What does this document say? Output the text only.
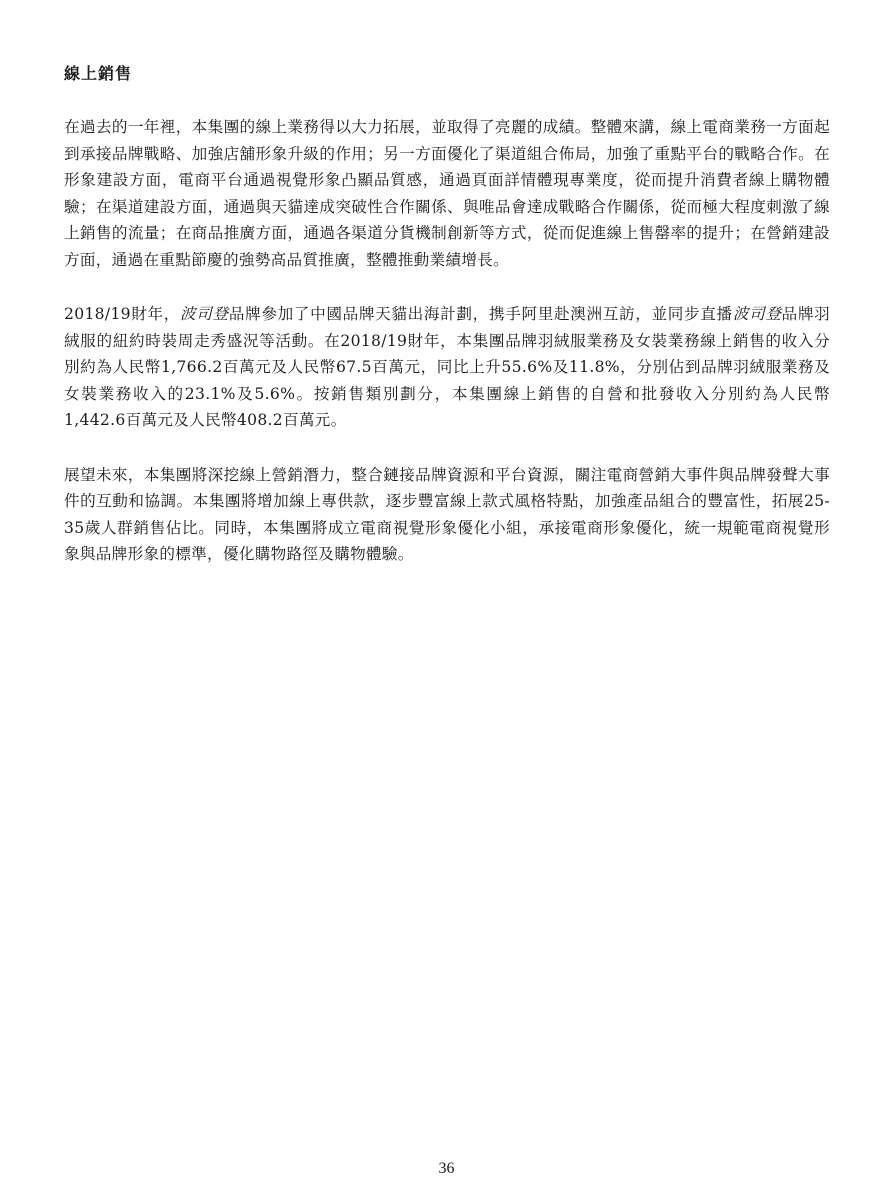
線上銷售

在過去的一年裡，本集團的線上業務得以大力拓展，並取得了亮麗的成績。整體來講，線上電商業務一方面起到承接品牌戰略、加強店舖形象升級的作用；另一方面優化了渠道組合佈局，加強了重點平台的戰略合作。在形象建設方面，電商平台通過視覺形象凸顯品質感，通過頁面詳情體現專業度，從而提升消費者線上購物體驗；在渠道建設方面，通過與天貓達成突破性合作關係、與唯品會達成戰略合作關係，從而極大程度刺激了線上銷售的流量；在商品推廣方面，通過各渠道分貨機制創新等方式，從而促進線上售罄率的提升；在營銷建設方面，通過在重點節慶的強勢高品質推廣，整體推動業績增長。

2018/19財年，波司登品牌參加了中國品牌天貓出海計劃，携手阿里赴澳洲互訪，並同步直播波司登品牌羽絨服的紐約時裝周走秀盛況等活動。在2018/19財年，本集團品牌羽絨服業務及女裝業務線上銷售的收入分別約為人民幣1,766.2百萬元及人民幣67.5百萬元，同比上升55.6%及11.8%，分別佔到品牌羽絨服業務及女裝業務收入的23.1%及5.6%。按銷售類別劃分，本集團線上銷售的自營和批發收入分別約為人民幣1,442.6百萬元及人民幣408.2百萬元。

展望未來，本集團將深挖線上營銷潛力，整合鏈接品牌資源和平台資源，關注電商營銷大事件與品牌發聲大事件的互動和協調。本集團將增加線上專供款，逐步豐富線上款式風格特點，加強產品組合的豐富性，拓展25-35歲人群銷售佔比。同時，本集團將成立電商視覺形象優化小組，承接電商形象優化，統一規範電商視覺形象與品牌形象的標準，優化購物路徑及購物體驗。

36
